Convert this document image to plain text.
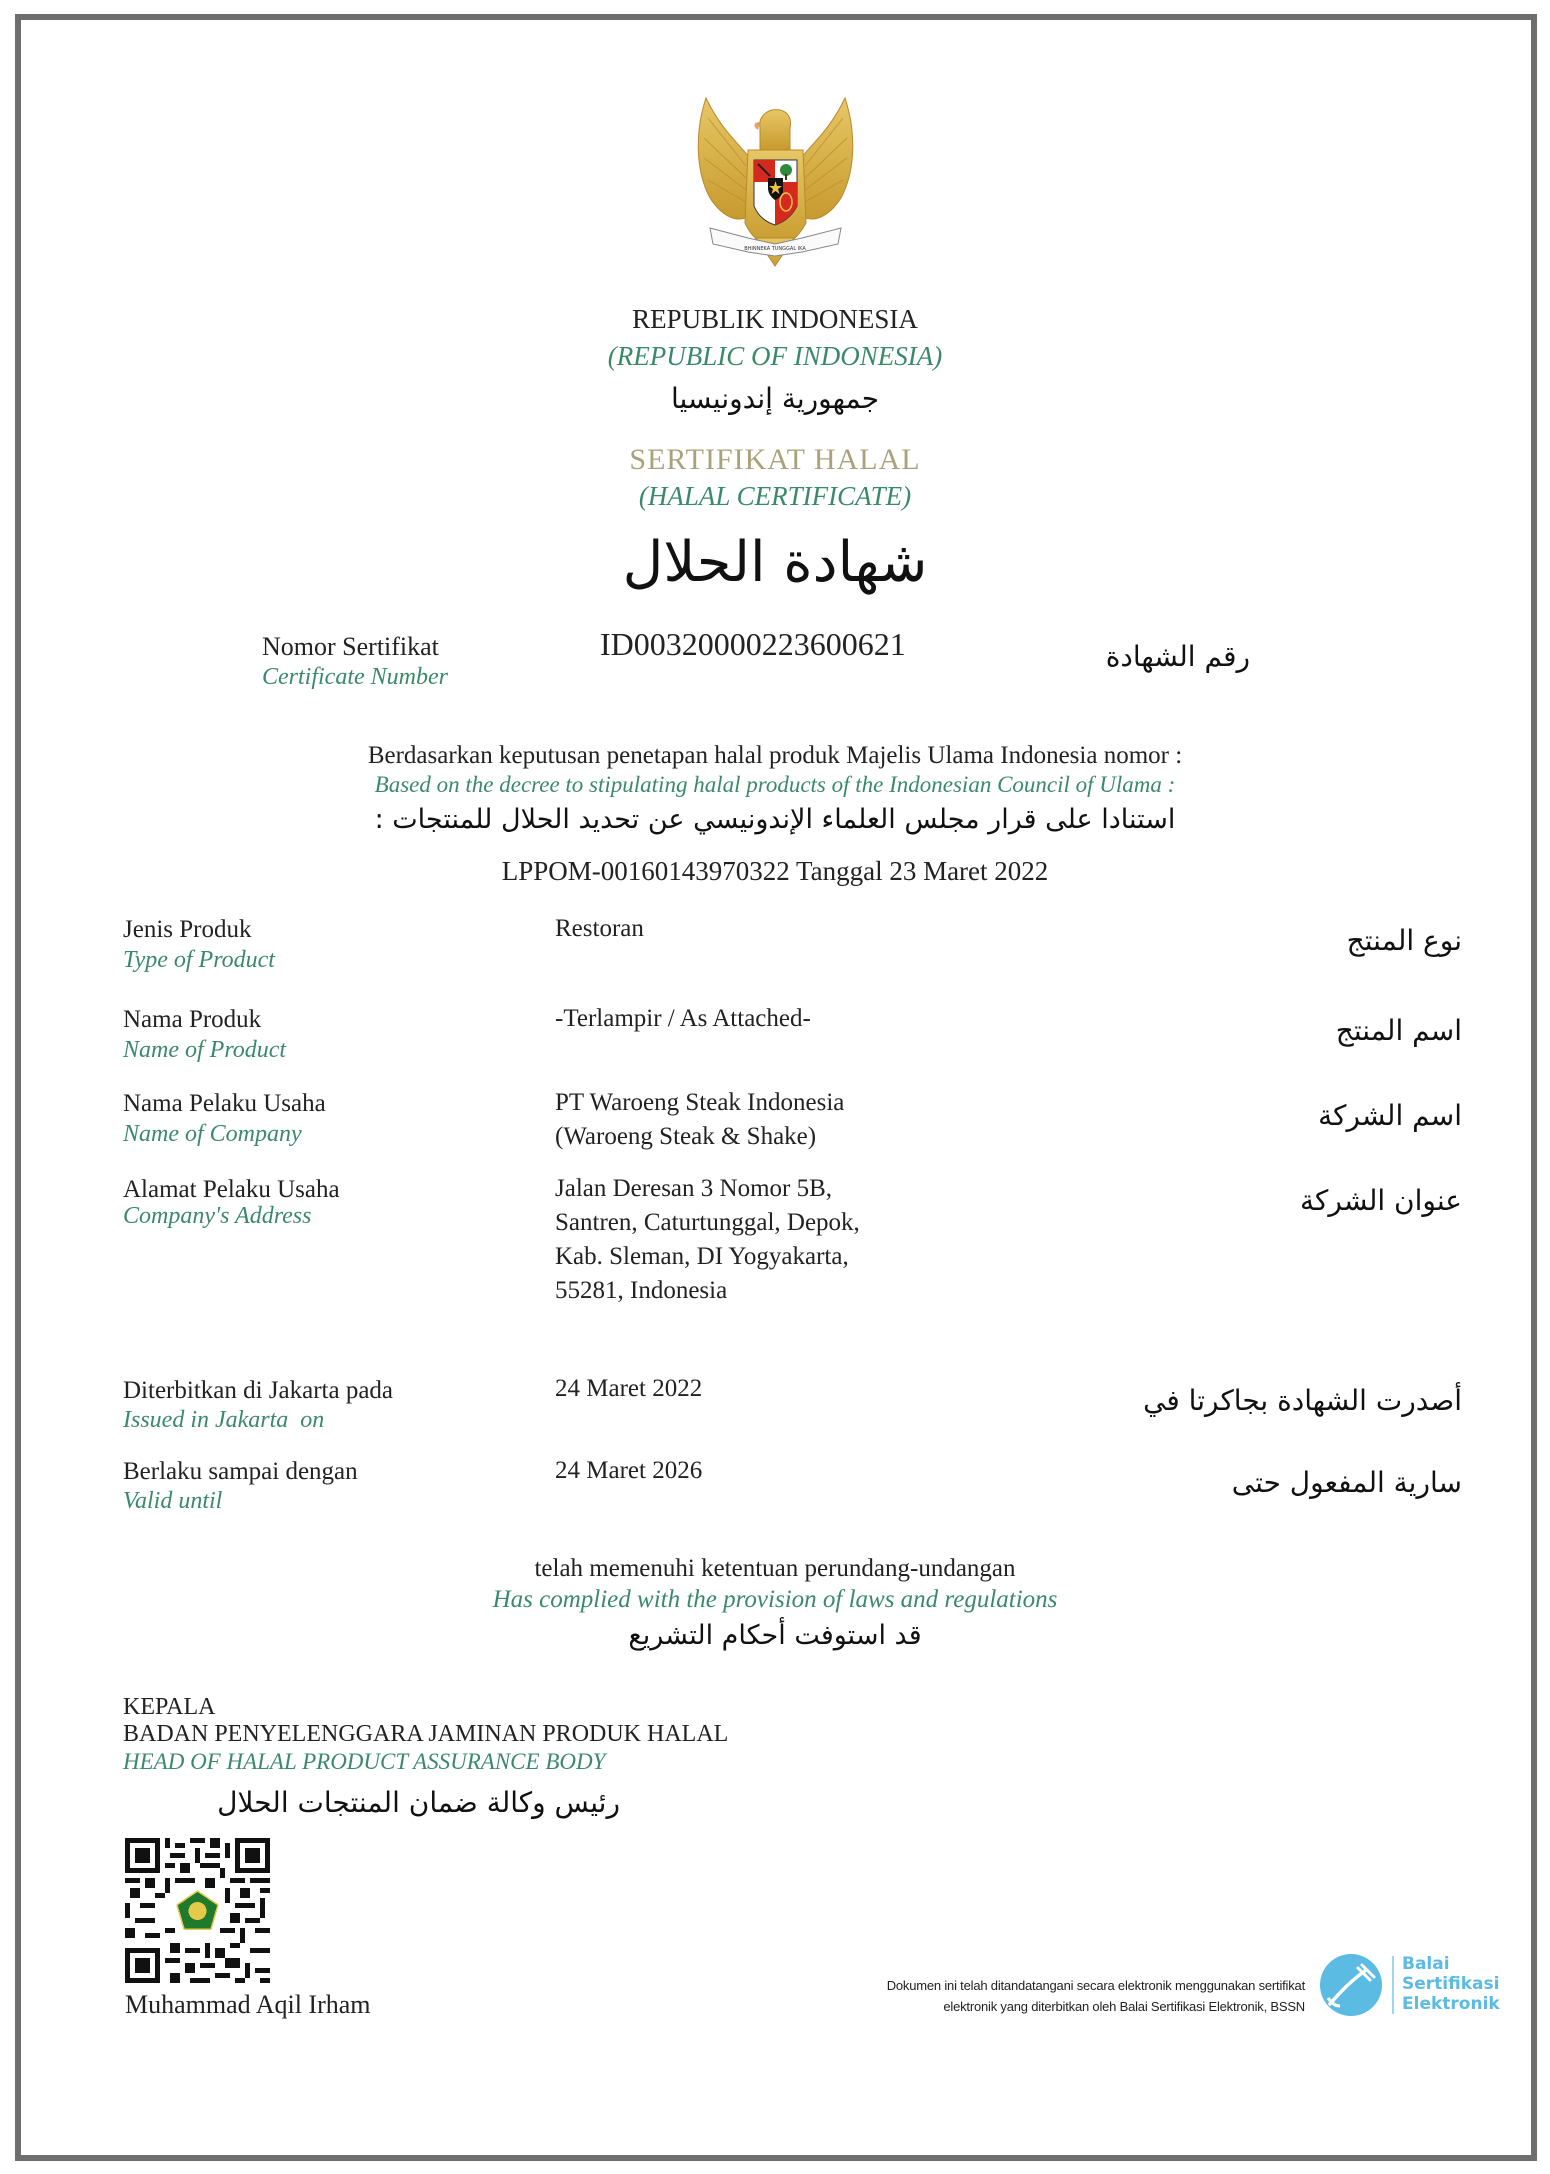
BHINNEKA TUNGGAL IKA
REPUBLIK INDONESIA
(REPUBLIC OF INDONESIA)
جمهورية إندونيسيا
SERTIFIKAT HALAL
(HALAL CERTIFICATE)
شهادة الحلال
Nomor Sertifikat
Certificate Number
ID00320000223600621	رقم الشهادة
Berdasarkan keputusan penetapan halal produk Majelis Ulama Indonesia nomor :
Based on the decree to stipulating halal products of the Indonesian Council of Ulama :
استنادا على قرار مجلس العلماء الإندونيسي عن تحديد الحلال للمنتجات :
LPPOM-00160143970322 Tanggal 23 Maret 2022
Jenis Produk
Type of Product
Restoran	نوع المنتج
Nama Produk
Name of Product
-Terlampir / As Attached-	اسم المنتج
Nama Pelaku Usaha
Name of Company
PT Waroeng Steak Indonesia (Waroeng Steak & Shake)
اسم الشركة
Alamat Pelaku Usaha
Company's Address
Jalan Deresan 3 Nomor 5B, Santren, Caturtunggal, Depok, Kab. Sleman, DI Yogyakarta, 55281, Indonesia
عنوان الشركة
Diterbitkan di Jakarta pada
Issued in Jakarta  on
24 Maret 2022	أصدرت الشهادة بجاكرتا في
Berlaku sampai dengan
Valid until
24 Maret 2026	سارية المفعول حتى
telah memenuhi ketentuan perundang-undangan
Has complied with the provision of laws and regulations
قد استوفت أحكام التشريع
KEPALA
BADAN PENYELENGGARA JAMINAN PRODUK HALAL
HEAD OF HALAL PRODUCT ASSURANCE BODY
رئيس وكالة ضمان المنتجات الحلال
Muhammad Aqil Irham
Dokumen ini telah ditandatangani secara elektronik menggunakan sertifikat
elektronik yang diterbitkan oleh Balai Sertifikasi Elektronik, BSSN
Balai
Sertifikasi
Elektronik
